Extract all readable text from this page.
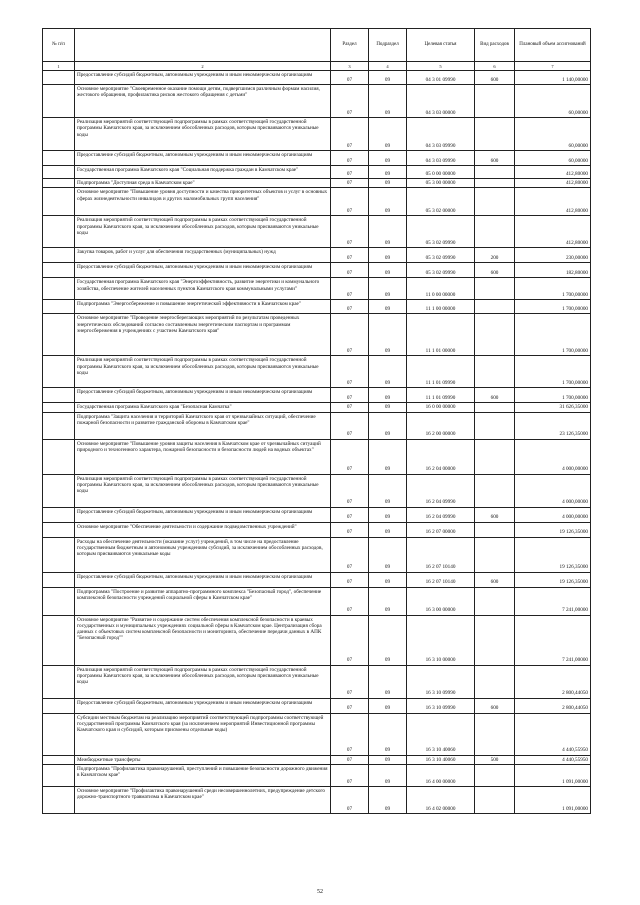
№ п/п		Раздел	Подраздел	Целевая статья	Вид расходов	Плановый объем ассигнований
1	2	3	4	5	6	7
	Предоставление субсидий бюджетным, автономным учреждениям и иным некоммерческим организациям	07	09	04 3 01 09990	600	1 140,00000
	Основное мероприятие "Своевременное оказание помощи детям, подвергшимся различным формам насилия, жестокого обращения, профилактика рисков жестокого обращения с детьми"	07	09	04 3 03 00000		60,00000
	Реализация мероприятий соответствующей подпрограммы в рамках соответствующей государственной программы Камчатского края, за исключением обособленных расходов, которым присваиваются уникальные коды	07	09	04 3 03 09990		60,00000
	Предоставление субсидий бюджетным, автономным учреждениям и иным некоммерческим организациям	07	09	04 3 03 09990	600	60,00000
	Государственная программа Камчатского края "Социальная поддержка граждан в Камчатском крае"	07	09	05 0 00 00000		412,80000
	Подпрограмма "Доступная среда в Камчатском крае"	07	09	05 3 00 00000		412,80000
	Основное мероприятие "Повышение уровня доступности и качества приоритетных объектов и услуг в основных сферах жизнедеятельности инвалидов и других маломобильных групп населения"	07	09	05 3 02 00000		412,80000
	Реализация мероприятий соответствующей подпрограммы в рамках соответствующей государственной программы Камчатского края, за исключением обособленных расходов, которым присваиваются уникальные коды	07	09	05 3 02 09990		412,80000
	Закупка товаров, работ и услуг для обеспечения государственных (муниципальных) нужд	07	09	05 3 02 09990	200	230,00000
	Предоставление субсидий бюджетным, автономным учреждениям и иным некоммерческим организациям	07	09	05 3 02 09990	600	182,80000
	Государственная программа Камчатского края "Энергоэффективность, развитие энергетики и коммунального хозяйства, обеспечение жителей населенных пунктов Камчатского края коммунальными услугами"	07	09	11 0 00 00000		1 700,00000
	Подпрограмма "Энергосбережение и повышение энергетической эффективности в Камчатском крае"	07	09	11 1 00 00000		1 700,00000
	Основное мероприятие "Проведение энергосберегающих мероприятий по результатам проведенных энергетических обследований согласно составленным энергетическим паспортам и программам энергосбережения в учреждениях с участием Камчатского края"	07	09	11 1 01 00000		1 700,00000
	Реализация мероприятий соответствующей подпрограммы в рамках соответствующей государственной программы Камчатского края, за исключением обособленных расходов, которым присваиваются уникальные коды	07	09	11 1 01 09990		1 700,00000
	Предоставление субсидий бюджетным, автономным учреждениям и иным некоммерческим организациям	07	09	11 1 01 09990	600	1 700,00000
	Государственная программа Камчатского края "Безопасная Камчатка"	07	09	16 0 00 00000		31 626,35000
	Подпрограмма "Защита населения и территорий Камчатского края от чрезвычайных ситуаций, обеспечение пожарной безопасности и развитие гражданской обороны в Камчатском крае"	07	09	16 2 00 00000		23 126,35000
	Основное мероприятие "Повышение уровня защиты населения в Камчатском крае от чрезвычайных ситуаций природного и техногенного характера, пожарной безопасности и безопасности людей на водных объектах"	07	09	16 2 04 00000		4 000,00000
	Реализация мероприятий соответствующей подпрограммы в рамках соответствующей государственной программы Камчатского края, за исключением обособленных расходов, которым присваиваются уникальные коды	07	09	16 2 04 09990		4 000,00000
	Предоставление субсидий бюджетным, автономным учреждениям и иным некоммерческим организациям	07	09	16 2 04 09990	600	4 000,00000
	Основное мероприятие "Обеспечение деятельности и содержание подведомственных учреждений"	07	09	16 2 07 00000		19 126,35000
	Расходы на обеспечение деятельности (оказание услуг) учреждений, в том числе на предоставление государственным бюджетным и автономным учреждениям субсидий, за исключением обособленных расходов, которым присваиваются уникальные коды	07	09	16 2 07 10140		19 126,35000
	Предоставление субсидий бюджетным, автономным учреждениям и иным некоммерческим организациям	07	09	16 2 07 10140	600	19 126,35000
	Подпрограмма "Построение и развитие аппаратно-программного комплекса "Безопасный город", обеспечение комплексной безопасности учреждений социальной сферы в Камчатском крае"	07	09	16 3 00 00000		7 241,00000
	Основное мероприятие "Развитие и содержание систем обеспечения комплексной безопасности в краевых государственных и муниципальных учреждениях социальной сферы в Камчатском крае. Централизация сбора данных с объектовых систем комплексной безопасности и мониторинга, обеспечение передачи данных в АПК "Безопасный город""	07	09	16 3 10 00000		7 241,00000
	Реализация мероприятий соответствующей подпрограммы в рамках соответствующей государственной программы Камчатского края, за исключением обособленных расходов, которым присваиваются уникальные коды	07	09	16 3 10 09990		2 800,44050
	Предоставление субсидий бюджетным, автономным учреждениям и иным некоммерческим организациям	07	09	16 3 10 09990	600	2 800,44050
	Субсидии местным бюджетам на реализацию мероприятий соответствующей подпрограммы соответствующей государственной программы Камчатского края (за исключением мероприятий Инвестиционной программы Камчатского края и субсидий, которым присвоены отдельные коды)	07	09	16 3 10 40060		4 440,55950
	Межбюджетные трансферты	07	09	16 3 10 40060	500	4 440,55950
	Подпрограмма "Профилактика правонарушений, преступлений и повышение безопасности дорожного движения в Камчатском крае"	07	09	16 4 00 00000		1 091,00000
	Основное мероприятие "Профилактика правонарушений среди несовершеннолетних, предупреждение детского дорожно-транспортного травматизма в Камчатском крае"	07	09	16 4 02 00000		1 091,00000
52
